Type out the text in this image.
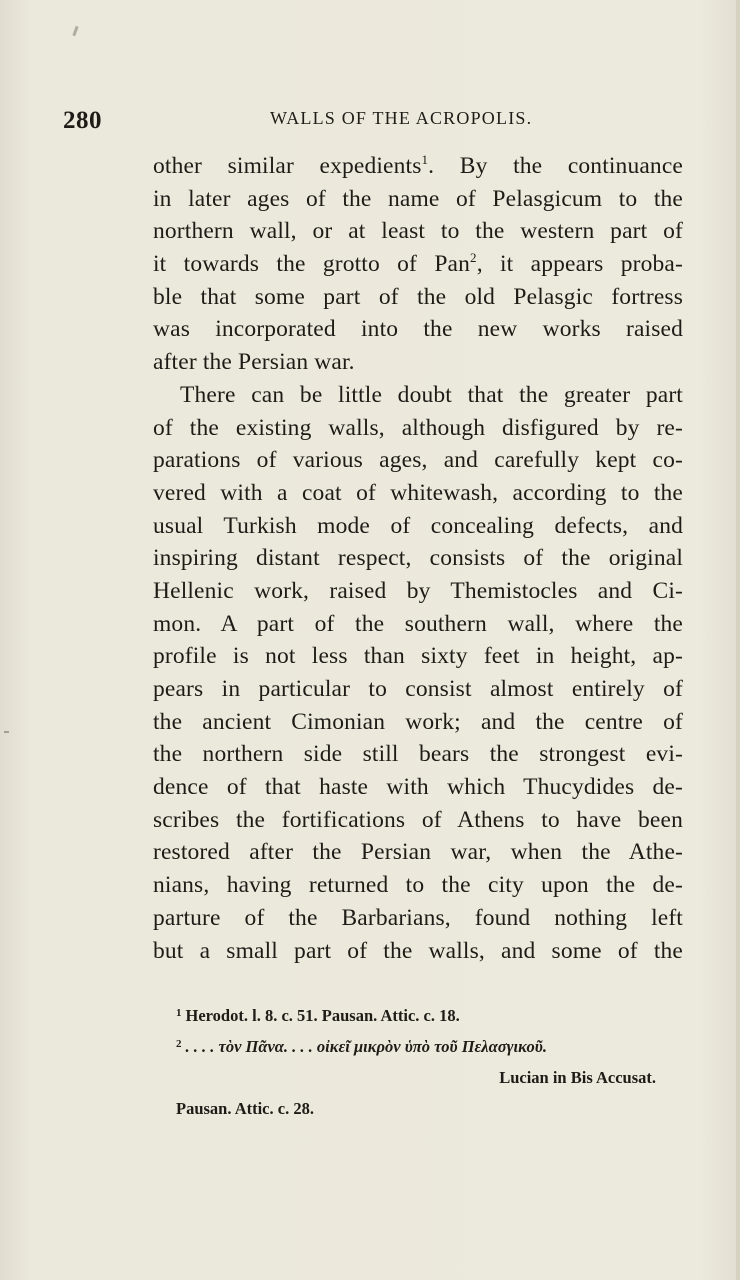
280	WALLS OF THE ACROPOLIS.
other similar expedients$^1$. By the continuance
in later ages of the name of Pelasgicum to the
northern wall, or at least to the western part of
it towards the grotto of Pan$^2$, it appears proba-
ble that some part of the old Pelasgic fortress
was incorporated into the new works raised
after the Persian war.
There can be little doubt that the greater part
of the existing walls, although disfigured by re-
parations of various ages, and carefully kept co-
vered with a coat of whitewash, according to the
usual Turkish mode of concealing defects, and
inspiring distant respect, consists of the original
Hellenic work, raised by Themistocles and Ci-
mon. A part of the southern wall, where the
profile is not less than sixty feet in height, ap-
pears in particular to consist almost entirely of
the ancient Cimonian work; and the centre of
the northern side still bears the strongest evi-
dence of that haste with which Thucydides de-
scribes the fortifications of Athens to have been
restored after the Persian war, when the Athe-
nians, having returned to the city upon the de-
parture of the Barbarians, found nothing left
but a small part of the walls, and some of the
$^1$ Herodot. l. 8. c. 51. Pausan. Attic. c. 18.
$^2$ . . . . τὸν Πᾶνα. . . . οἰκεῖ μικρὸν ὑπὸ τοῦ Πελασγικοῦ.
Lucian in Bis Accusat.
Pausan. Attic. c. 28.
